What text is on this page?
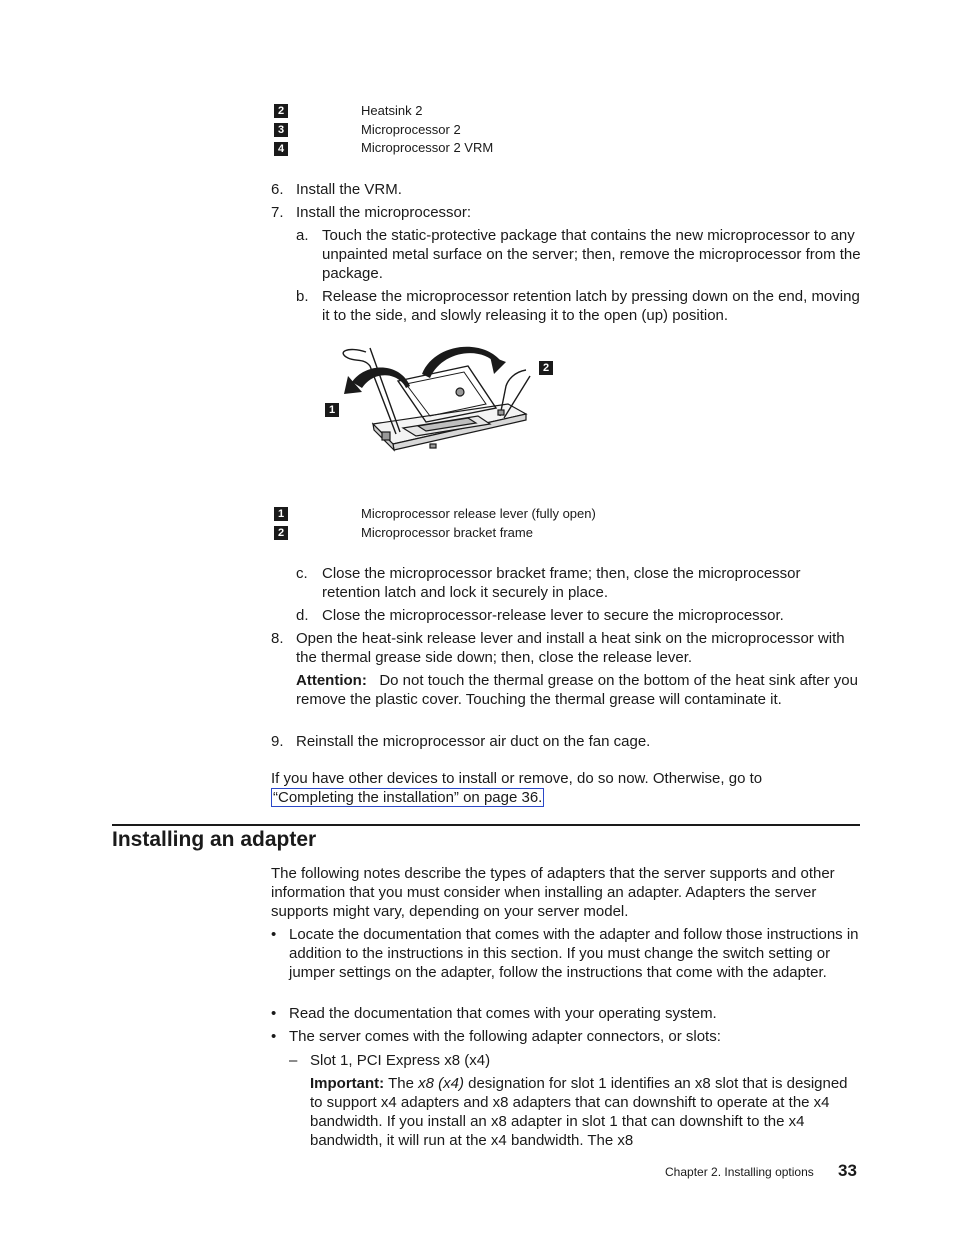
2	Heatsink 2
3	Microprocessor 2
4	Microprocessor 2 VRM
6. Install the VRM.
7. Install the microprocessor:
a. Touch the static-protective package that contains the new microprocessor to any unpainted metal surface on the server; then, remove the microprocessor from the package.
b. Release the microprocessor retention latch by pressing down on the end, moving it to the side, and slowly releasing it to the open (up) position.
1
2
1	Microprocessor release lever (fully open)
2	Microprocessor bracket frame
c. Close the microprocessor bracket frame; then, close the microprocessor retention latch and lock it securely in place.
d. Close the microprocessor-release lever to secure the microprocessor.
8. Open the heat-sink release lever and install a heat sink on the microprocessor with the thermal grease side down; then, close the release lever.
Attention: Do not touch the thermal grease on the bottom of the heat sink after you remove the plastic cover. Touching the thermal grease will contaminate it.
9. Reinstall the microprocessor air duct on the fan cage.
If you have other devices to install or remove, do so now. Otherwise, go to
“Completing the installation” on page 36.
Installing an adapter
The following notes describe the types of adapters that the server supports and other information that you must consider when installing an adapter. Adapters the server supports might vary, depending on your server model.
• Locate the documentation that comes with the adapter and follow those instructions in addition to the instructions in this section. If you must change the switch setting or jumper settings on the adapter, follow the instructions that come with the adapter.
• Read the documentation that comes with your operating system.
• The server comes with the following adapter connectors, or slots:
– Slot 1, PCI Express x8 (x4)
Important: The x8 (x4) designation for slot 1 identifies an x8 slot that is designed to support x4 adapters and x8 adapters that can downshift to operate at the x4 bandwidth. If you install an x8 adapter in slot 1 that can downshift to the x4 bandwidth, it will run at the x4 bandwidth. The x8
Chapter 2. Installing options 33
